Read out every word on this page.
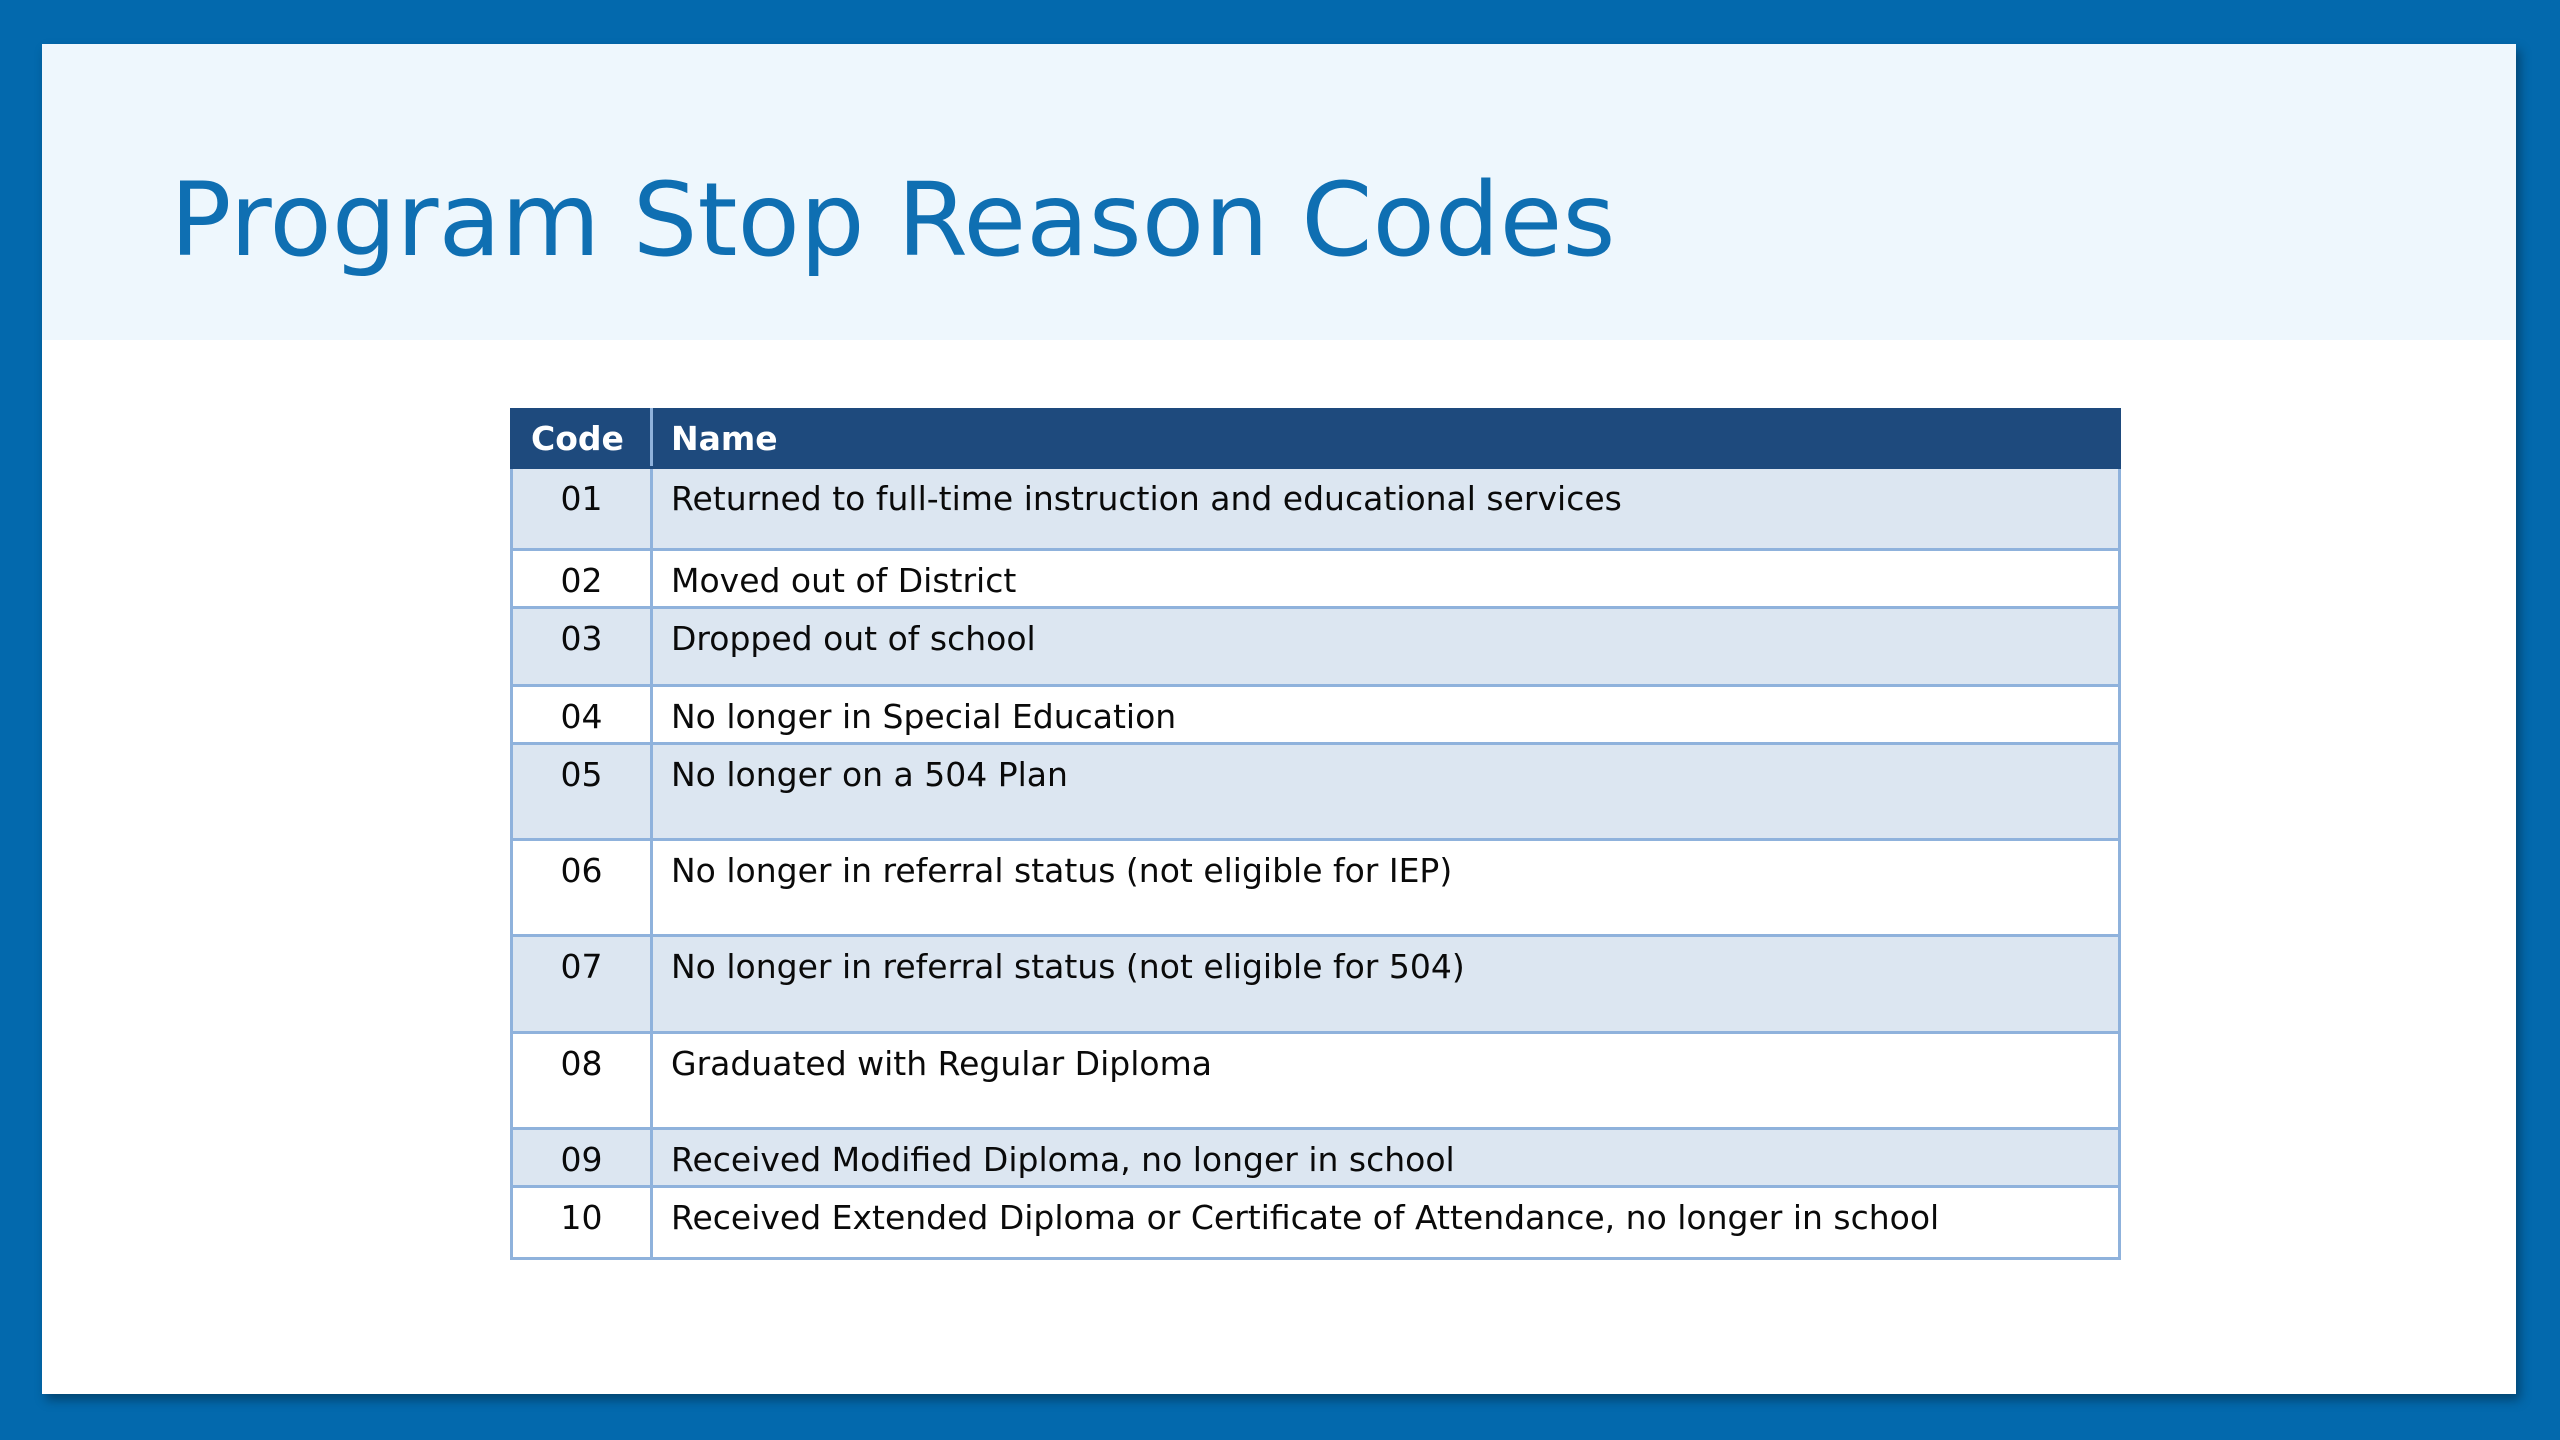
Program Stop Reason Codes
Code	Name
01	Returned to full-time instruction and educational services
02	Moved out of District
03	Dropped out of school
04	No longer in Special Education
05	No longer on a 504 Plan
06	No longer in referral status (not eligible for IEP)
07	No longer in referral status (not eligible for 504)
08	Graduated with Regular Diploma
09	Received Modified Diploma, no longer in school
10	Received Extended Diploma or Certificate of Attendance, no longer in school
